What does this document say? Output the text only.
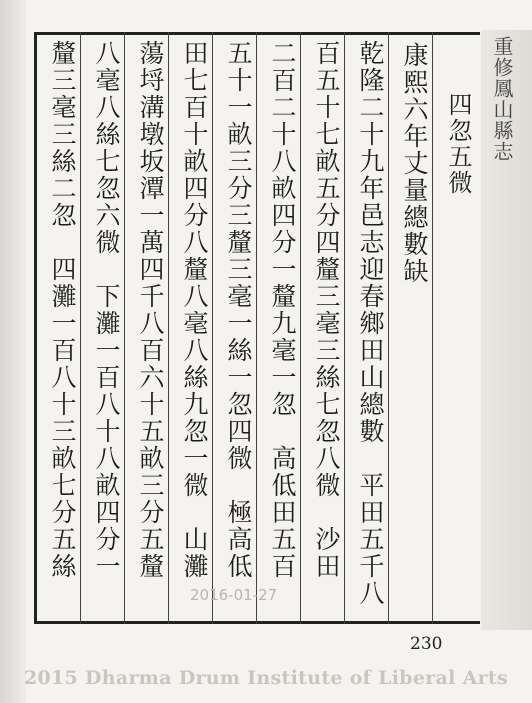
重修鳳山縣志
四忽五微
康熙六年丈量總數缺
乾隆二十九年邑志迎春鄉田山總數　平田五千八
百五十七畝五分四釐三毫三絲七忽八微　沙田
二百二十八畝四分一釐九毫一忽　高低田五百
五十一畝三分三釐三毫一絲一忽四微　極高低
田七百十畝四分八釐八毫八絲九忽一微　山灘
蕩埒溝墩坂潭一萬四千八百六十五畝三分五釐
八毫八絲七忽六微　下灘一百八十八畝四分一
釐三毫三絲二忽　四灘一百八十三畝七分五絲
2016-01-27
230
2015 Dharma Drum Institute of Liberal Arts
